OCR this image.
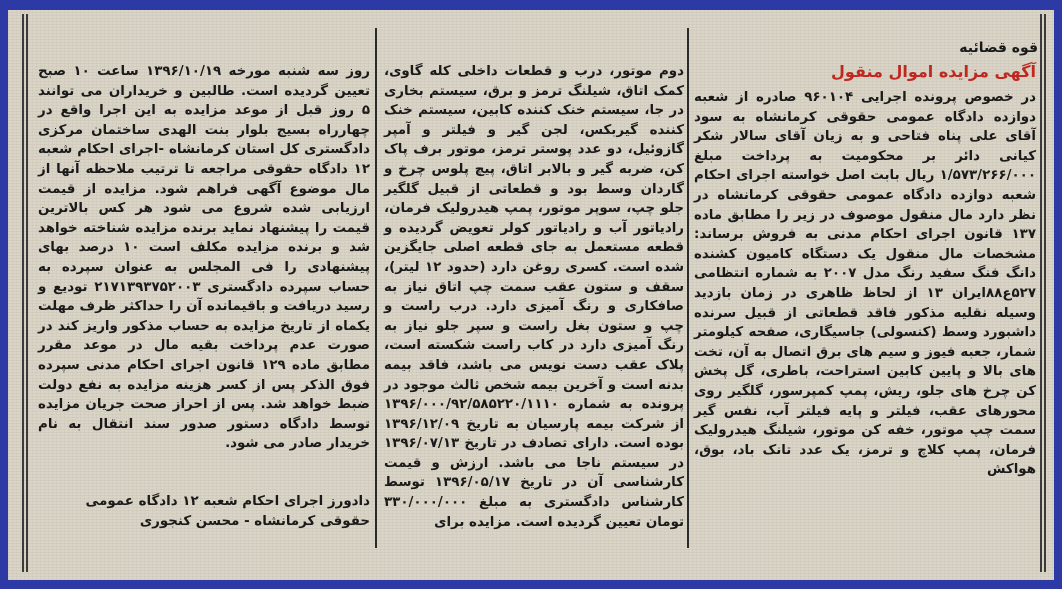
قوه قضائیه
آگهی مزایده اموال منقول
در خصوص پرونده اجرایی ۹۶۰۱۰۴ صادره از شعبه دوازده دادگاه عمومی حقوقی کرمانشاه به سود آقای علی پناه فتاحی و به زیان آقای سالار شکر کیانی دائر بر محکومیت به پرداخت مبلغ ۱/۵۷۳/۲۶۶/۰۰۰ ریال بابت اصل خواسته اجرای احکام شعبه دوازده دادگاه عمومی حقوقی کرمانشاه در نظر دارد مال منقول موصوف در زیر را مطابق ماده ۱۳۷ قانون اجرای احکام مدنی به فروش برساند: مشخصات مال منقول یک دستگاه کامیون کشنده دانگ فنگ سفید رنگ مدل ۲۰۰۷ به شماره انتظامی ۵۲۷ع۸۸ایران ۱۳ از لحاظ ظاهری در زمان بازدید وسیله نقلیه مذکور فاقد قطعاتی از قبیل سرنده داشبورد وسط (کنسولی) جاسیگاری، صفحه کیلومتر شمار، جعبه فیوز و سیم های برق اتصال به آن، تخت های بالا و پایین کابین استراحت، باطری، گل پخش کن چرخ های جلو، ریش، پمپ کمپرسور، گلگیر روی محورهای عقب، فیلتر و پایه فیلتر آب، نفس گیر سمت چپ موتور، خفه کن موتور، شیلنگ هیدرولیک فرمان، پمپ کلاچ و ترمز، یک عدد تانک باد، بوق، هواکش
دوم موتور، درب و قطعات داخلی کله گاوی، کمک اتاق، شیلنگ ترمز و برق، سیستم بخاری در جا، سیستم خنک کننده کابین، سیستم خنک کننده گیربکس، لجن گیر و فیلتر و آمپر گازوئیل، دو عدد پوستر ترمز، موتور برف پاک کن، ضربه گیر و بالابر اتاق، پیچ پلوس چرخ و گاردان وسط بود و قطعاتی از قبیل گلگیر جلو چپ، سوپر موتور، پمپ هیدرولیک فرمان، رادیاتور آب و رادیاتور کولر تعویض گردیده و قطعه مستعمل به جای قطعه اصلی جایگزین شده است. کسری روغن دارد (حدود ۱۲ لیتر)، سقف و ستون عقب سمت چپ اتاق نیاز به صافکاری و رنگ آمیزی دارد. درب راست و چپ و ستون بغل راست و سپر جلو نیاز به رنگ آمیزی دارد در کاب راست شکسته است، پلاک عقب دست نویس می باشد، فاقد بیمه بدنه است و آخرین بیمه شخص ثالث موجود در پرونده به شماره ۱۳۹۶/۰۰۰/۹۲/۵۸۵۲۲۰/۱۱۱۰ از شرکت بیمه پارسیان به تاریخ ۱۳۹۶/۱۲/۰۹ بوده است. دارای تصادف در تاریخ ۱۳۹۶/۰۷/۱۳ در سیستم ناجا می باشد. ارزش و قیمت کارشناسی آن در تاریخ ۱۳۹۶/۰۵/۱۷ توسط کارشناس دادگستری به مبلغ ۳۳۰/۰۰۰/۰۰۰ تومان تعیین گردیده است. مزایده برای
روز سه شنبه مورخه ۱۳۹۶/۱۰/۱۹ ساعت ۱۰ صبح تعیین گردیده است. طالبین و خریداران می توانند ۵ روز قبل از موعد مزایده به این اجرا واقع در چهارراه بسیج بلوار بنت الهدی ساختمان مرکزی دادگستری کل استان کرمانشاه -اجرای احکام شعبه ۱۲ دادگاه حقوقی مراجعه تا ترتیب ملاحظه آنها از مال موضوع آگهی فراهم شود. مزایده از قیمت ارزیابی شده شروع می شود هر کس بالاترین قیمت را پیشنهاد نماید برنده مزایده شناخته خواهد شد و برنده مزایده مکلف است ۱۰ درصد بهای پیشنهادی را فی المجلس به عنوان سپرده به حساب سپرده دادگستری ۲۱۷۱۳۹۳۷۵۲۰۰۳ تودیع و رسید دریافت و باقیمانده آن را حداکثر ظرف مهلت یکماه از تاریخ مزایده به حساب مذکور واریز کند در صورت عدم پرداخت بقیه مال در موعد مقرر مطابق ماده ۱۲۹ قانون اجرای احکام مدنی سپرده فوق الذکر پس از کسر هزینه مزایده به نفع دولت ضبط خواهد شد. پس از احراز صحت جریان مزایده توسط دادگاه دستور صدور سند انتقال به نام خریدار صادر می شود.
دادورز اجرای احکام شعبه ۱۲ دادگاه عمومی حقوقی کرمانشاه - محسن کنجوری
